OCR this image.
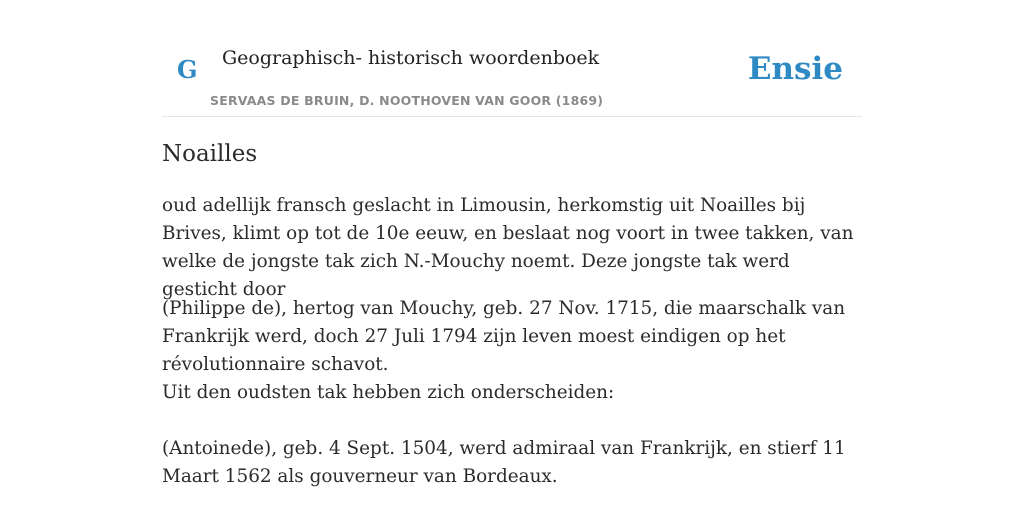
G Geographisch- historisch woordenboek
SERVAAS DE BRUIN, D. NOOTHOVEN VAN GOOR (1869)
Ensie
Noailles

oud adellijk fransch geslacht in Limousin, herkomstig uit Noailles bij Brives, klimt op tot de 10e eeuw, en beslaat nog voort in twee takken, van welke de jongste tak zich N.-Mouchy noemt. Deze jongste tak werd gesticht door

(Philippe de), hertog van Mouchy, geb. 27 Nov. 1715, die maarschalk van Frankrijk werd, doch 27 Juli 1794 zijn leven moest eindigen op het révolutionnaire schavot.

Uit den oudsten tak hebben zich onderscheiden:

(Antoinede), geb. 4 Sept. 1504, werd admiraal van Frankrijk, en stierf 11 Maart 1562 als gouverneur van Bordeaux.
